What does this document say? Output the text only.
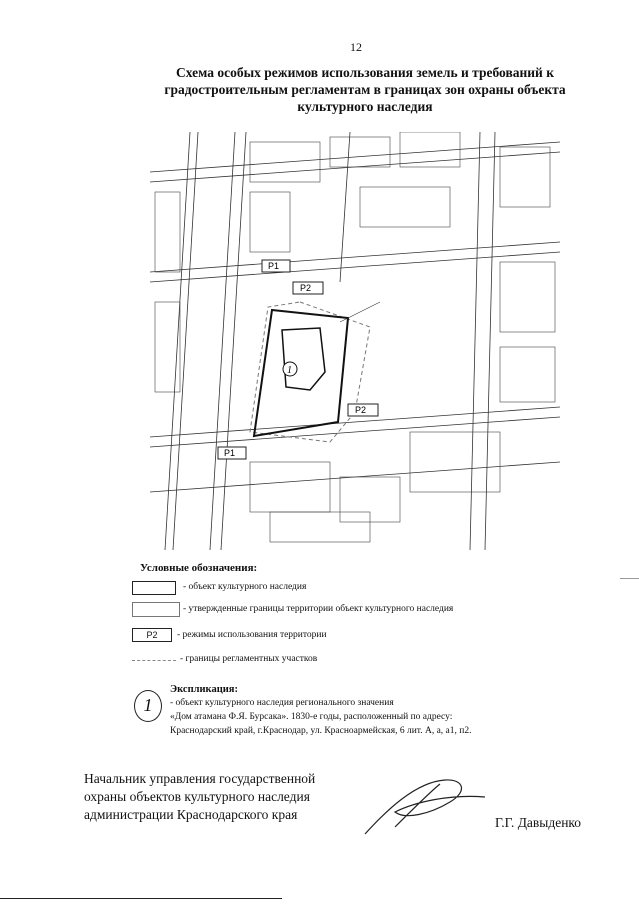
12
Схема особых режимов использования земель и требований к
градостроительным регламентам в границах зон охраны объекта
культурного наследия
1
Р2
Р2
Р1
Р1
Условные обозначения:
- объект культурного наследия
- утвержденные границы территории объект культурного наследия
Р2	- режимы использования территории
- границы регламентных участков
Экспликация:
1	- объект культурного наследия регионального значения
«Дом атамана Ф.Я. Бурсака». 1830-е годы, расположенный по адресу:
Краснодарский край, г.Краснодар, ул. Красноармейская, 6 лит. А, а, а1, п2.
Начальник управления государственной
охраны объектов культурного наследия
администрации Краснодарского края
Г.Г. Давыденко
